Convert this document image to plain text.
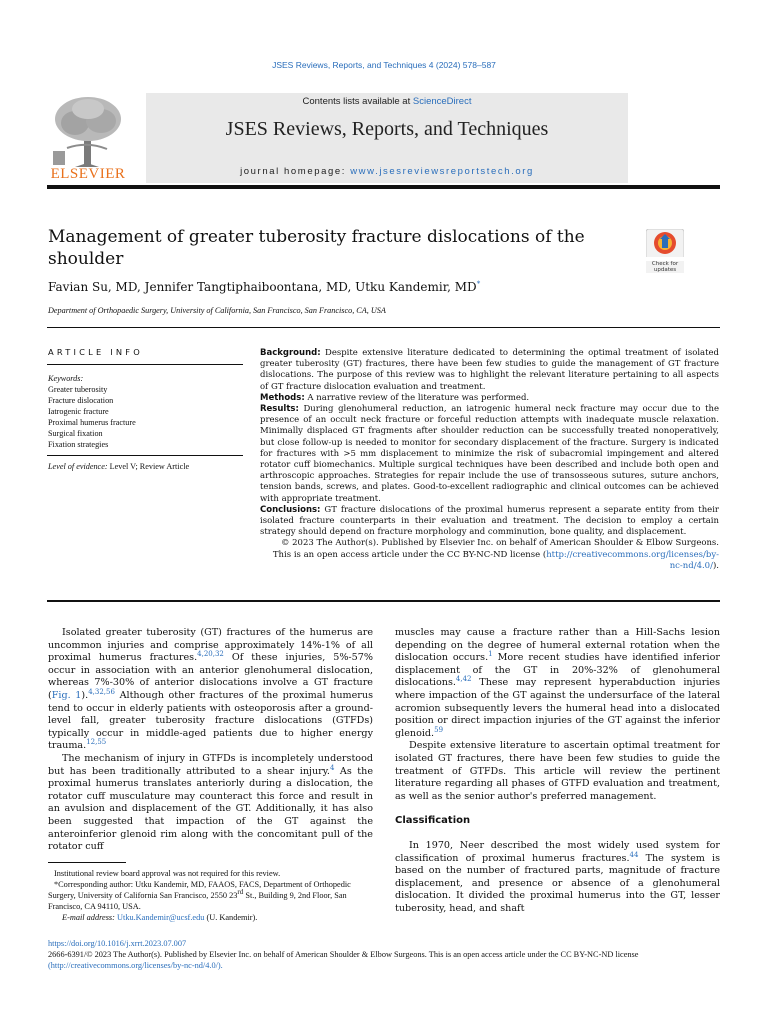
JSES Reviews, Reports, and Techniques 4 (2024) 578–587
ELSEVIER
Contents lists available at ScienceDirect
JSES Reviews, Reports, and Techniques
journal homepage: www.jsesreviewsreportstech.org
Management of greater tuberosity fracture dislocations of the shoulder	Check for updates
Favian Su, MD, Jennifer Tangtiphaiboontana, MD, Utku Kandemir, MD*
Department of Orthopaedic Surgery, University of California, San Francisco, San Francisco, CA, USA
ARTICLE INFO
Keywords:
Greater tuberosity
Fracture dislocation
Iatrogenic fracture
Proximal humerus fracture
Surgical fixation
Fixation strategies
Level of evidence: Level V; Review Article

Background: Despite extensive literature dedicated to determining the optimal treatment of isolated greater tuberosity (GT) fractures, there have been few studies to guide the management of GT fracture dislocations. The purpose of this review was to highlight the relevant literature pertaining to all aspects of GT fracture dislocation evaluation and treatment.

Methods: A narrative review of the literature was performed.

Results: During glenohumeral reduction, an iatrogenic humeral neck fracture may occur due to the presence of an occult neck fracture or forceful reduction attempts with inadequate muscle relaxation. Minimally displaced GT fragments after shoulder reduction can be successfully treated nonoperatively, but close follow-up is needed to monitor for secondary displacement of the fracture. Surgery is indicated for fractures with >5 mm displacement to minimize the risk of subacromial impingement and altered rotator cuff biomechanics. Multiple surgical techniques have been described and include both open and arthroscopic approaches. Strategies for repair include the use of transosseous sutures, suture anchors, tension bands, screws, and plates. Good-to-excellent radiographic and clinical outcomes can be achieved with appropriate treatment.

Conclusions: GT fracture dislocations of the proximal humerus represent a separate entity from their isolated fracture counterparts in their evaluation and treatment. The decision to employ a certain strategy should depend on fracture morphology and comminution, bone quality, and displacement.

© 2023 The Author(s). Published by Elsevier Inc. on behalf of American Shoulder & Elbow Surgeons.
This is an open access article under the CC BY-NC-ND license (http://creativecommons.org/licenses/by-nc-nd/4.0/).

Isolated greater tuberosity (GT) fractures of the humerus are uncommon injuries and comprise approximately 14%-1% of all proximal humerus fractures.$^{4,20,32}$ Of these injuries, 5%-57% occur in association with an anterior glenohumeral dislocation, whereas 7%-30% of anterior dislocations involve a GT fracture (Fig. 1).$^{4,32,56}$ Although other fractures of the proximal humerus tend to occur in elderly patients with osteoporosis after a ground-level fall, greater tuberosity fracture dislocations (GTFDs) typically occur in middle-aged patients due to higher energy trauma.$^{12,55}$

The mechanism of injury in GTFDs is incompletely understood but has been traditionally attributed to a shear injury.$^4$ As the proximal humerus translates anteriorly during a dislocation, the rotator cuff musculature may counteract this force and result in an avulsion and displacement of the GT. Additionally, it has also been suggested that impaction of the GT against the anteroinferior glenoid rim along with the concomitant pull of the rotator cuff

muscles may cause a fracture rather than a Hill-Sachs lesion depending on the degree of humeral external rotation when the dislocation occurs.$^1$ More recent studies have identified inferior displacement of the GT in 20%-32% of glenohumeral dislocations.$^{4,42}$ These may represent hyperabduction injuries where impaction of the GT against the undersurface of the lateral acromion subsequently levers the humeral head into a dislocated position or direct impaction injuries of the GT against the inferior glenoid.$^{59}$

Despite extensive literature to ascertain optimal treatment for isolated GT fractures, there have been few studies to guide the treatment of GTFDs. This article will review the pertinent literature regarding all phases of GTFD evaluation and treatment, as well as the senior author's preferred management.

Classification

In 1970, Neer described the most widely used system for classification of proximal humerus fractures.$^{44}$ The system is based on the number of fractured parts, magnitude of fracture displacement, and presence or absence of a glenohumeral dislocation. It divided the proximal humerus into the GT, lesser tuberosity, head, and shaft

Institutional review board approval was not required for this review.

*Corresponding author: Utku Kandemir, MD, FAAOS, FACS, Department of Orthopedic Surgery, University of California San Francisco, 2550 23rd St., Building 9, 2nd Floor, San Francisco, CA 94110, USA.

E-mail address: Utku.Kandemir@ucsf.edu (U. Kandemir).

https://doi.org/10.1016/j.xrrt.2023.07.007

2666-6391/© 2023 The Author(s). Published by Elsevier Inc. on behalf of American Shoulder & Elbow Surgeons. This is an open access article under the CC BY-NC-ND license

(http://creativecommons.org/licenses/by-nc-nd/4.0/).
